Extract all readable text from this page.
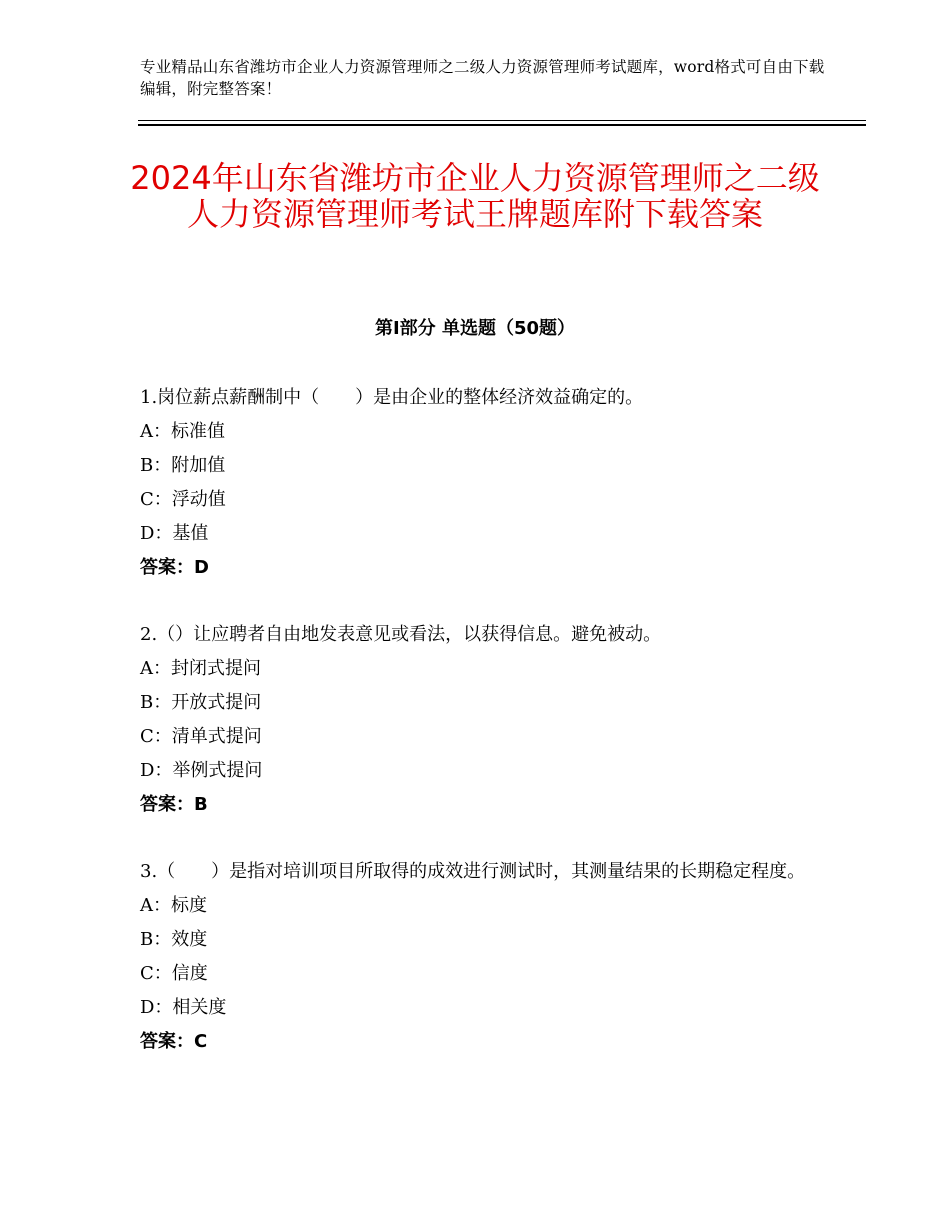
专业精品山东省潍坊市企业人力资源管理师之二级人力资源管理师考试题库，word格式可自由下载编辑，附完整答案！
2024年山东省潍坊市企业人力资源管理师之二级人力资源管理师考试王牌题库附下载答案
第Ⅰ部分 单选题（50题）
1.岗位薪点薪酬制中（　　）是由企业的整体经济效益确定的。
A：标准值
B：附加值
C：浮动值
D：基值
答案：D
2.（）让应聘者自由地发表意见或看法，以获得信息。避免被动。
A：封闭式提问
B：开放式提问
C：清单式提问
D：举例式提问
答案：B
3.（　　）是指对培训项目所取得的成效进行测试时，其测量结果的长期稳定程度。
A：标度
B：效度
C：信度
D：相关度
答案：C
